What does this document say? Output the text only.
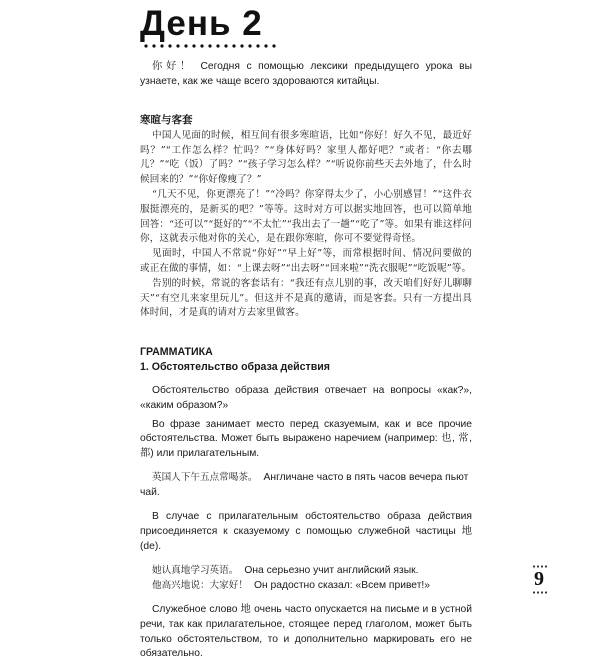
День 2

你好！ Сегодня с помощью лексики предыдущего урока вы узнаете, как же чаще всего здороваются китайцы.

寒暄与客套

中国人见面的时候，相互间有很多寒暄语，比如“你好！好久不见，最近好吗？”“工作怎么样？忙吗？”“身体好吗？家里人都好吧？”或者：“你去哪儿？”“吃（饭）了吗？”“孩子学习怎么样？”“听说你前些天去外地了，什么时候回来的？”“你好像瘦了？”

“几天不见，你更漂亮了！”“冷吗？你穿得太少了，小心别感冒！”“这件衣服挺漂亮的，是新买的吧？”等等。这时对方可以据实地回答，也可以简单地回答：“还可以”“挺好的”“不太忙”“我出去了一趟”“吃了”等。如果有谁这样问你，这就表示他对你的关心，是在跟你寒暄，你可不要觉得奇怪。

见面时，中国人不常说“你好”“早上好”等，而常根据时间、情况问要做的或正在做的事情，如：“上课去呀”“出去呀”“回来啦”“洗衣服呢”“吃饭呢”等。

告别的时候，常说的客套话有：“我还有点儿别的事，改天咱们好好儿聊聊天”“有空儿来家里玩儿”。但这并不是真的邀请，而是客套。只有一方提出具体时间，才是真的请对方去家里做客。

ГРАММАТИКА
1. Обстоятельство образа действия

Обстоятельство образа действия отвечает на вопросы «как?», «каким образом?»

Во фразе занимает место перед сказуемым, как и все прочие обстоятельства. Может быть выражено наречием (например: 也, 常, 都) или прилагательным.

英国人下午五点常喝茶。 Англичане часто в пять часов вечера пьют чай.

В случае с прилагательным обстоятельство образа действия присоединяется к сказуемому с помощью служебной частицы 地 (de).

她认真地学习英语。 Она серьезно учит английский язык.
他高兴地说：大家好！ Он радостно сказал: «Всем привет!»

Служебное слово 地 очень часто опускается на письме и в устной речи, так как прилагательное, стоящее перед глаголом, может быть только обстоятельством, то и дополнительно маркировать его не обязательно.

9
